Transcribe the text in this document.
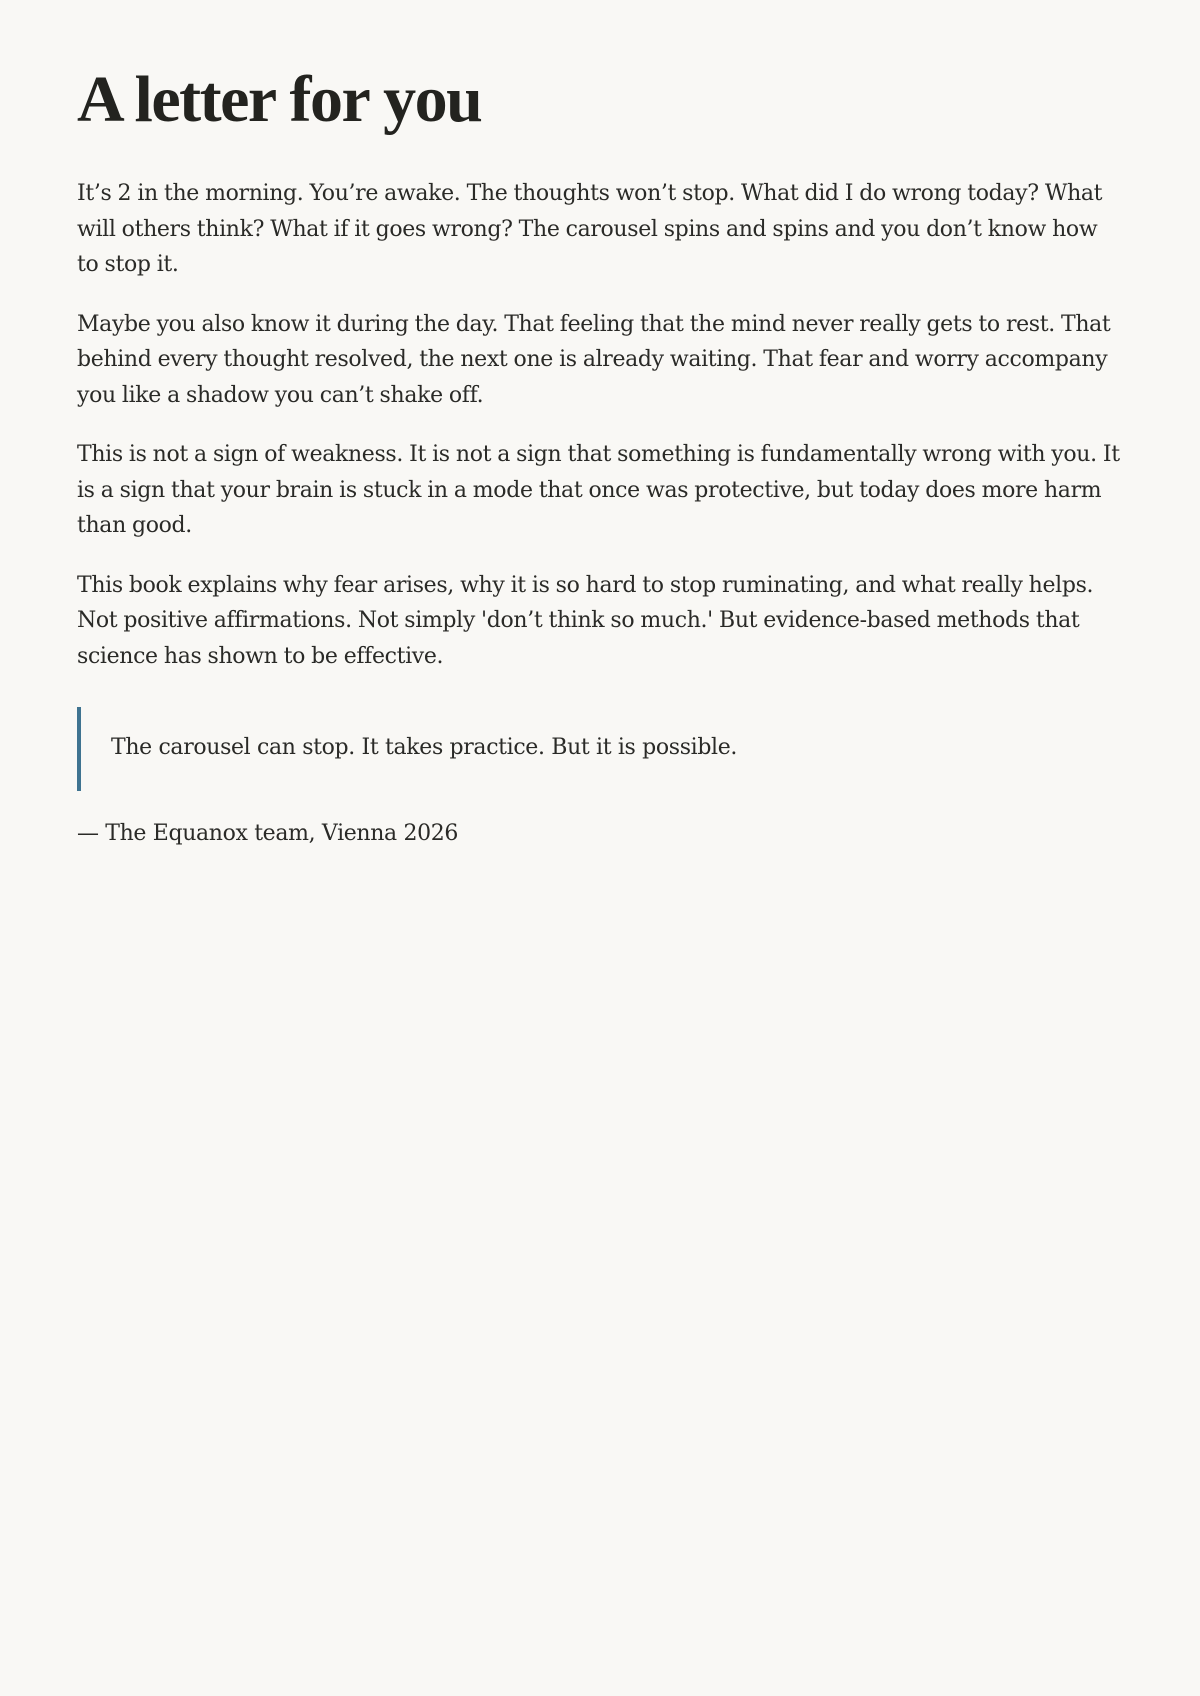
A letter for you

It’s 2 in the morning. You’re awake. The thoughts won’t stop. What did I do wrong today? What will others think? What if it goes wrong? The carousel spins and spins and you don’t know how to stop it.

Maybe you also know it during the day. That feeling that the mind never really gets to rest. That behind every thought resolved, the next one is already waiting. That fear and worry accompany you like a shadow you can’t shake off.

This is not a sign of weakness. It is not a sign that something is fundamentally wrong with you. It is a sign that your brain is stuck in a mode that once was protective, but today does more harm than good.

This book explains why fear arises, why it is so hard to stop ruminating, and what really helps. Not positive affirmations. Not simply 'don’t think so much.' But evidence-based methods that science has shown to be effective.

The carousel can stop. It takes practice. But it is possible.

— The Equanox team, Vienna 2026
